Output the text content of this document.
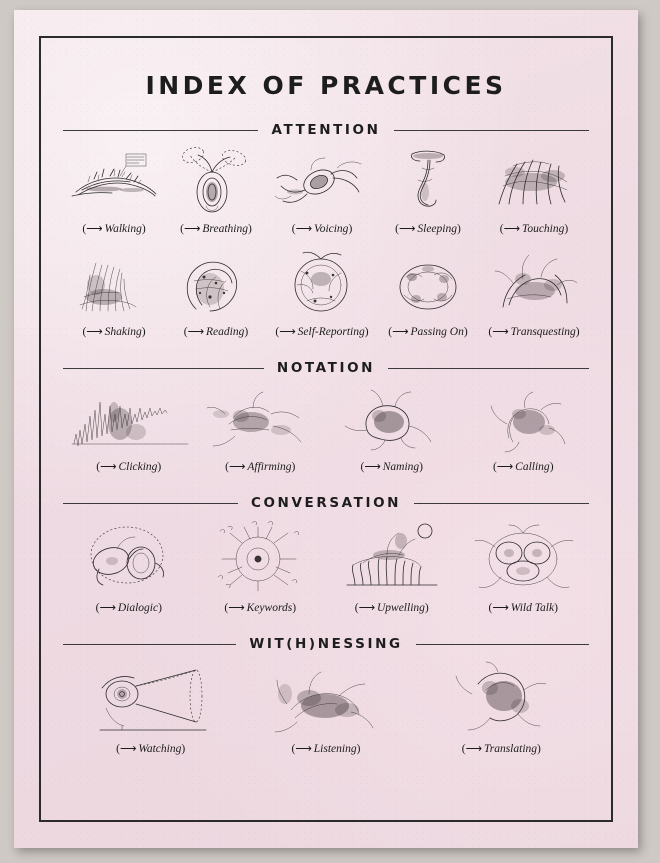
INDEX OF PRACTICES
ATTENTION
(⟶ Walking)	(⟶ Breathing)	(⟶ Voicing)	(⟶ Sleeping)	(⟶ Touching)
(⟶ Shaking)	(⟶ Reading) (⟶ Self-Reporting) (⟶ Passing On) (⟶ Transquesting)
NOTATION
(⟶ Clicking)	(⟶ Affirming)	(⟶ Naming)	(⟶ Calling)
CONVERSATION
(⟶ Dialogic)	(⟶ Keywords)	(⟶ Upwelling)	(⟶ Wild Talk)
WIT(H)NESSING
(⟶ Watching)	(⟶ Listening)	(⟶ Translating)
